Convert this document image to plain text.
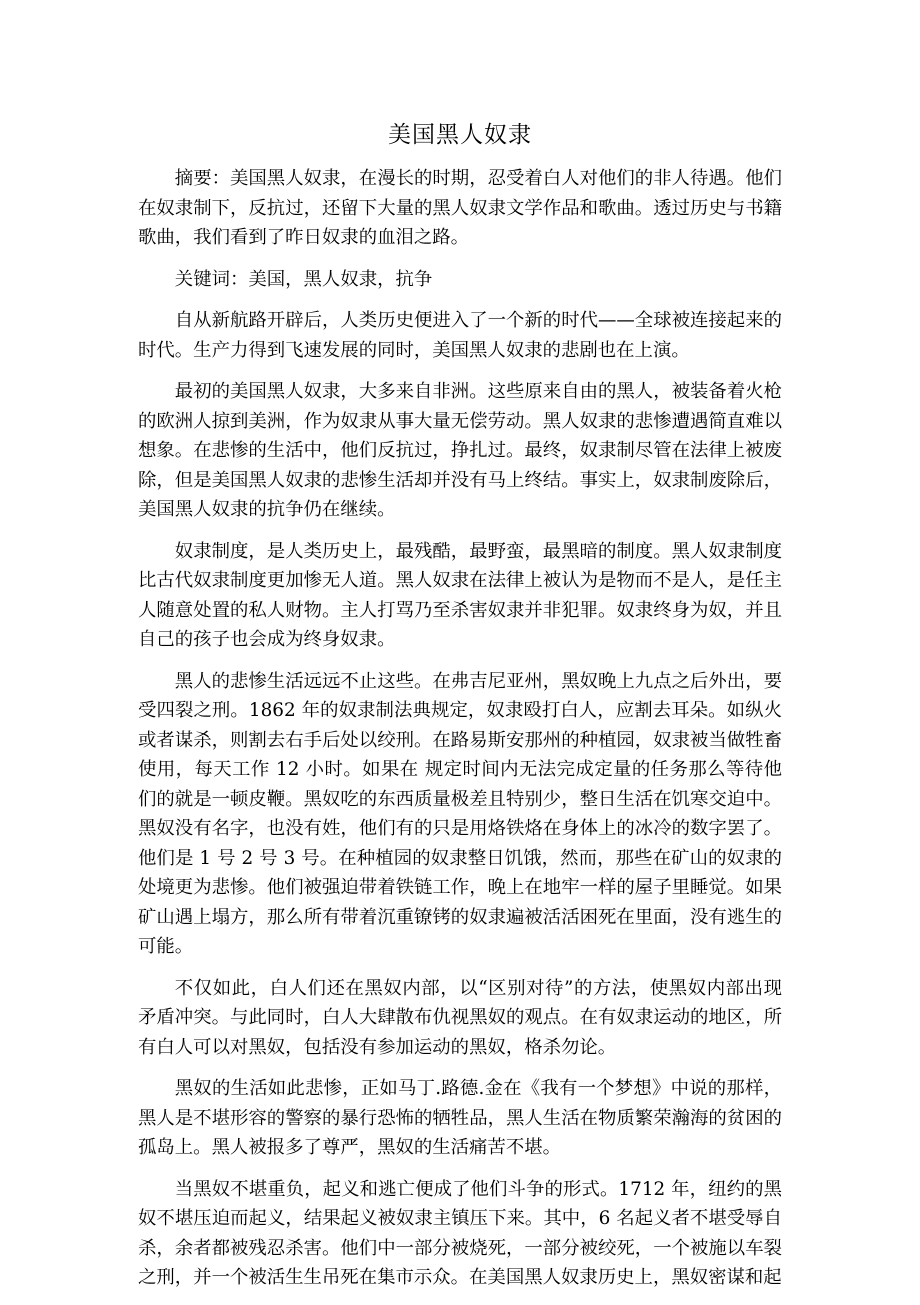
美国黑人奴隶

摘要：美国黑人奴隶，在漫长的时期，忍受着白人对他们的非人待遇。他们在奴隶制下，反抗过，还留下大量的黑人奴隶文学作品和歌曲。透过历史与书籍歌曲，我们看到了昨日奴隶的血泪之路。

关键词：美国，黑人奴隶，抗争

自从新航路开辟后，人类历史便进入了一个新的时代——全球被连接起来的时代。生产力得到飞速发展的同时，美国黑人奴隶的悲剧也在上演。

最初的美国黑人奴隶，大多来自非洲。这些原来自由的黑人，被装备着火枪的欧洲人掠到美洲，作为奴隶从事大量无偿劳动。黑人奴隶的悲惨遭遇简直难以想象。在悲惨的生活中，他们反抗过，挣扎过。最终，奴隶制尽管在法律上被废除，但是美国黑人奴隶的悲惨生活却并没有马上终结。事实上，奴隶制废除后，美国黑人奴隶的抗争仍在继续。

奴隶制度，是人类历史上，最残酷，最野蛮，最黑暗的制度。黑人奴隶制度比古代奴隶制度更加惨无人道。黑人奴隶在法律上被认为是物而不是人，是任主人随意处置的私人财物。主人打骂乃至杀害奴隶并非犯罪。奴隶终身为奴，并且自己的孩子也会成为终身奴隶。

黑人的悲惨生活远远不止这些。在弗吉尼亚州，黑奴晚上九点之后外出，要受四裂之刑。1862 年的奴隶制法典规定，奴隶殴打白人，应割去耳朵。如纵火或者谋杀，则割去右手后处以绞刑。在路易斯安那州的种植园，奴隶被当做牲畜使用，每天工作 12 小时。如果在 规定时间内无法完成定量的任务那么等待他们的就是一顿皮鞭。黑奴吃的东西质量极差且特别少，整日生活在饥寒交迫中。黑奴没有名字，也没有姓，他们有的只是用烙铁烙在身体上的冰冷的数字罢了。他们是 1 号 2 号 3 号。在种植园的奴隶整日饥饿，然而，那些在矿山的奴隶的处境更为悲惨。他们被强迫带着铁链工作，晚上在地牢一样的屋子里睡觉。如果矿山遇上塌方，那么所有带着沉重镣铐的奴隶遍被活活困死在里面，没有逃生的可能。

不仅如此，白人们还在黑奴内部，以“区别对待”的方法，使黑奴内部出现矛盾冲突。与此同时，白人大肆散布仇视黑奴的观点。在有奴隶运动的地区，所有白人可以对黑奴，包括没有参加运动的黑奴，格杀勿论。

黑奴的生活如此悲惨，正如马丁.路德.金在《我有一个梦想》中说的那样，黑人是不堪形容的警察的暴行恐怖的牺牲品，黑人生活在物质繁荣瀚海的贫困的孤岛上。黑人被报多了尊严，黑奴的生活痛苦不堪。

当黑奴不堪重负，起义和逃亡便成了他们斗争的形式。1712 年，纽约的黑奴不堪压迫而起义，结果起义被奴隶主镇压下来。其中，6 名起义者不堪受辱自杀，余者都被残忍杀害。他们中一部分被烧死，一部分被绞死，一个被施以车裂之刑，并一个被活生生吊死在集市示众。在美国黑人奴隶历史上，黑奴密谋和起
